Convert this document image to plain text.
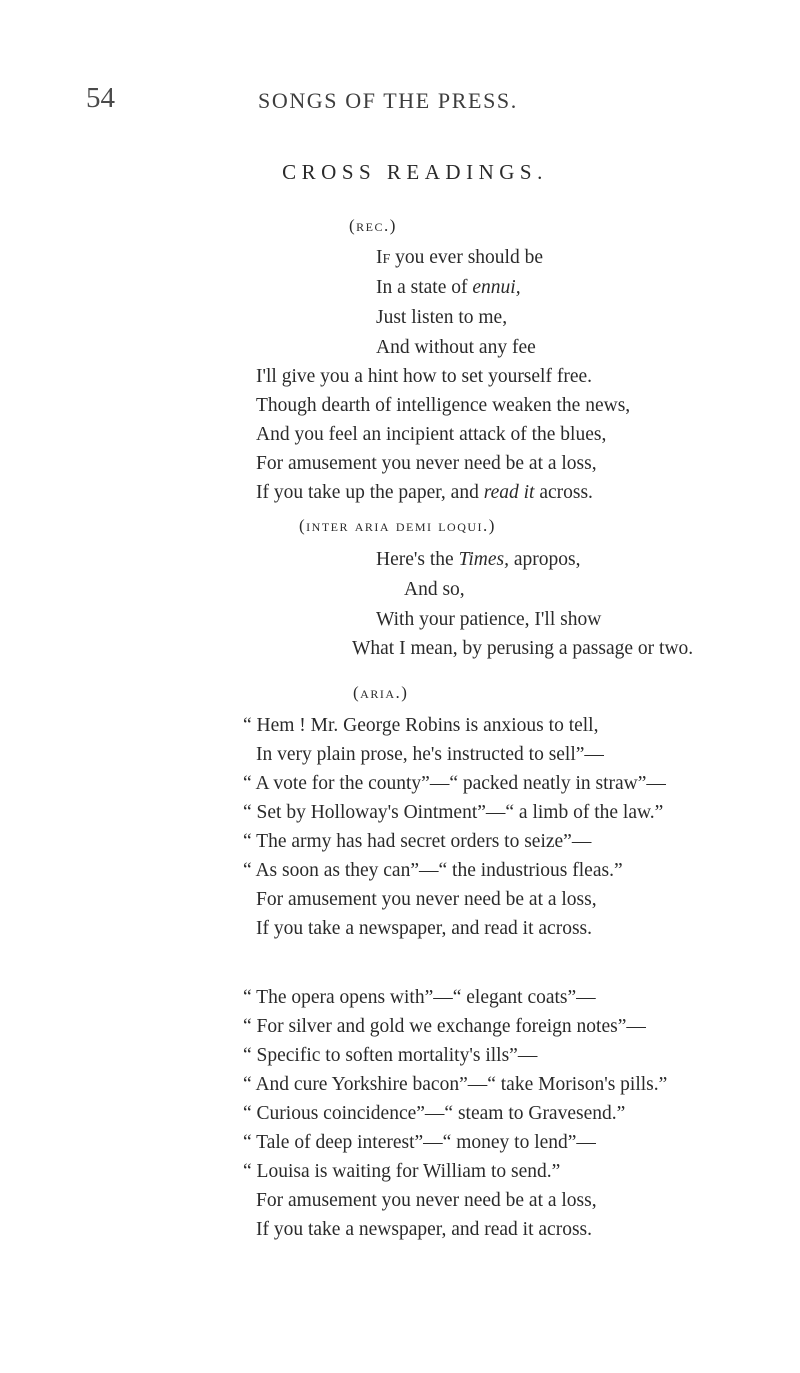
54	SONGS OF THE PRESS.
CROSS READINGS.
(rec.)
If you ever should be
In a state of ennui,
Just listen to me,
And without any fee
I'll give you a hint how to set yourself free.
Though dearth of intelligence weaken the news,
And you feel an incipient attack of the blues,
For amusement you never need be at a loss,
If you take up the paper, and read it across.
(inter aria demi loqui.)
Here's the Times, apropos,
And so,
With your patience, I'll show
What I mean, by perusing a passage or two.
(aria.)
“ Hem ! Mr. George Robins is anxious to tell,
In very plain prose, he's instructed to sell”—
“ A vote for the county”—“ packed neatly in straw”—
“ Set by Holloway's Ointment”—“ a limb of the law.”
“ The army has had secret orders to seize”—
“ As soon as they can”—“ the industrious fleas.”
For amusement you never need be at a loss,
If you take a newspaper, and read it across.
“ The opera opens with”—“ elegant coats”—
“ For silver and gold we exchange foreign notes”—
“ Specific to soften mortality's ills”—
“ And cure Yorkshire bacon”—“ take Morison's pills.”
“ Curious coincidence”—“ steam to Gravesend.”
“ Tale of deep interest”—“ money to lend”—
“ Louisa is waiting for William to send.”
For amusement you never need be at a loss,
If you take a newspaper, and read it across.
